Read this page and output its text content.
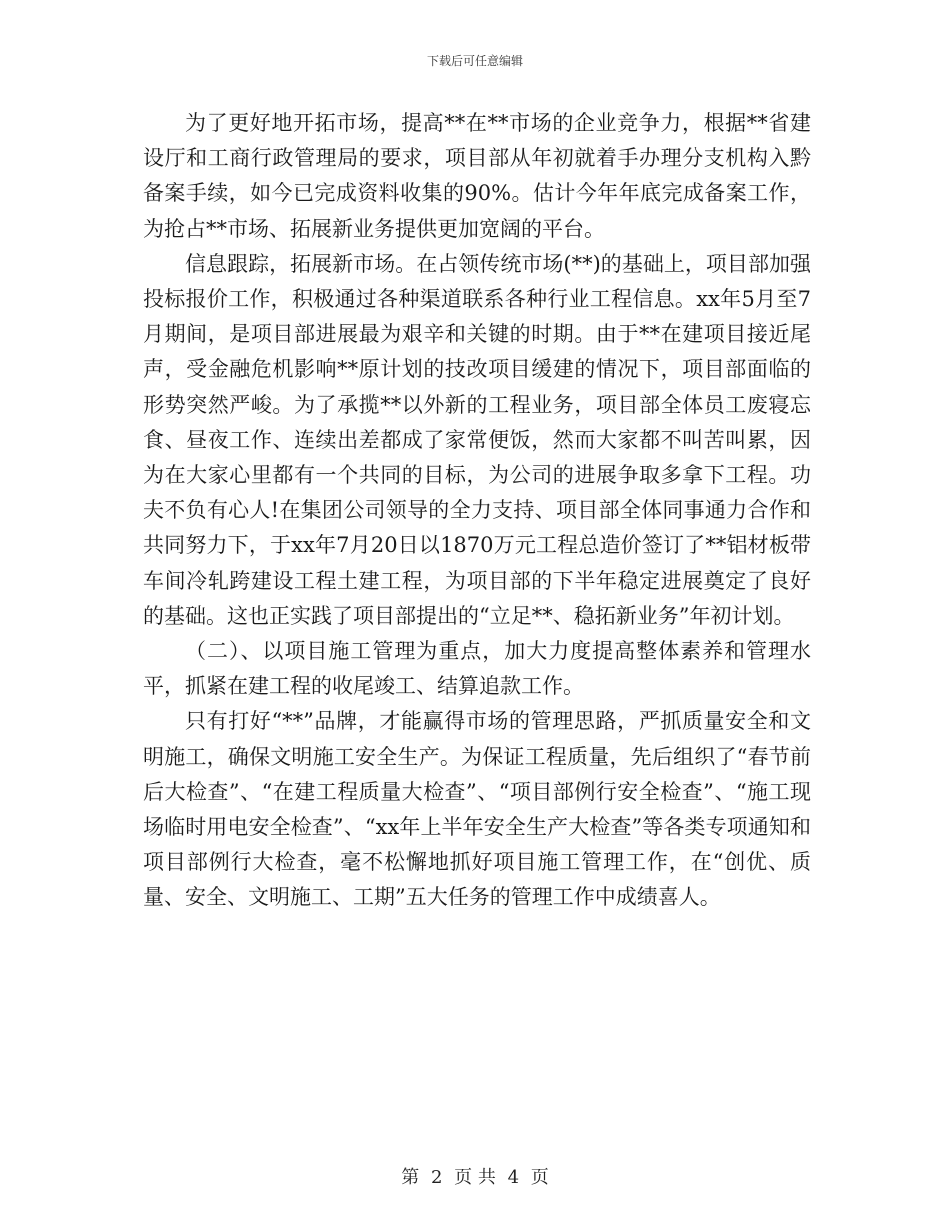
下载后可任意编辑

为了更好地开拓市场，提高**在**市场的企业竞争力，根据**省建设厅和工商行政管理局的要求，项目部从年初就着手办理分支机构入黔备案手续，如今已完成资料收集的90%。估计今年年底完成备案工作，为抢占**市场、拓展新业务提供更加宽阔的平台。

信息跟踪，拓展新市场。在占领传统市场(**)的基础上，项目部加强投标报价工作，积极通过各种渠道联系各种行业工程信息。xx年5月至7月期间，是项目部进展最为艰辛和关键的时期。由于**在建项目接近尾声，受金融危机影响**原计划的技改项目缓建的情况下，项目部面临的形势突然严峻。为了承揽**以外新的工程业务，项目部全体员工废寝忘食、昼夜工作、连续出差都成了家常便饭，然而大家都不叫苦叫累，因为在大家心里都有一个共同的目标，为公司的进展争取多拿下工程。功夫不负有心人!在集团公司领导的全力支持、项目部全体同事通力合作和共同努力下，于xx年7月20日以1870万元工程总造价签订了**铝材板带车间冷轧跨建设工程土建工程，为项目部的下半年稳定进展奠定了良好的基础。这也正实践了项目部提出的“立足**、稳拓新业务”年初计划。

（二）、以项目施工管理为重点，加大力度提高整体素养和管理水平，抓紧在建工程的收尾竣工、结算追款工作。

只有打好“**”品牌，才能赢得市场的管理思路，严抓质量安全和文明施工，确保文明施工安全生产。为保证工程质量，先后组织了“春节前后大检查”、“在建工程质量大检查”、“项目部例行安全检查”、“施工现场临时用电安全检查”、“xx年上半年安全生产大检查”等各类专项通知和项目部例行大检查，毫不松懈地抓好项目施工管理工作，在“创优、质量、安全、文明施工、工期”五大任务的管理工作中成绩喜人。

第 2 页 共 4 页
